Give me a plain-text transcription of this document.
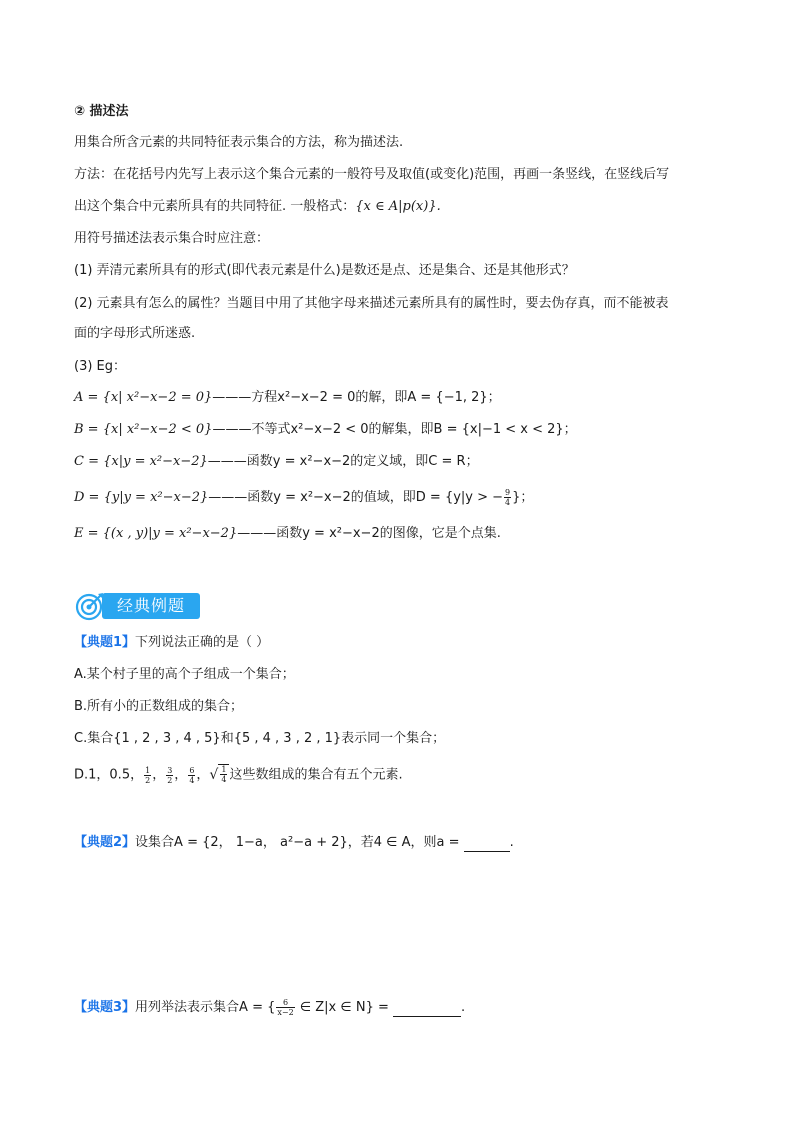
② 描述法
用集合所含元素的共同特征表示集合的方法，称为描述法.
方法：在花括号内先写上表示这个集合元素的一般符号及取值(或变化)范围，再画一条竖线，在竖线后写
出这个集合中元素所具有的共同特征. 一般格式：{x ∈ A|p(x)}.
用符号描述法表示集合时应注意：
(1) 弄清元素所具有的形式(即代表元素是什么)是数还是点、还是集合、还是其他形式？
(2) 元素具有怎么的属性？当题目中用了其他字母来描述元素所具有的属性时，要去伪存真，而不能被表
面的字母形式所迷惑.
(3) Eg：
A = {x| x²−x−2 = 0}———方程x²−x−2 = 0的解，即A = {−1, 2}；
B = {x| x²−x−2 < 0}———不等式x²−x−2 < 0的解集，即B = {x|−1 < x < 2}；
C = {x|y = x²−x−2}———函数y = x²−x−2的定义域，即C = R；
D = {y|y = x²−x−2}———函数y = x²−x−2的值域，即D = {y|y > − $\frac{9}{4}$ }；
E = {(x , y)|y = x²−x−2}———函数y = x²−x−2的图像，它是个点集.
经典例题
【典题1】下列说法正确的是（ ）
A.某个村子里的高个子组成一个集合；
B.所有小的正数组成的集合；
C.集合{1 , 2 , 3 , 4 , 5}和{5 , 4 , 3 , 2 , 1}表示同一个集合；
D.1，0.5， $\frac{1}{2}$ ， $\frac{3}{2}$ ， $\frac{6}{4}$ ，√ $\frac{1}{4}$ 这些数组成的集合有五个元素.
【典题2】设集合A = {2， 1−a， a²−a + 2}，若4 ∈ A，则a =	.
【典题3】用列举法表示集合A = { $\frac{6}{x-2}$ ∈ Z|x ∈ N} =	.
